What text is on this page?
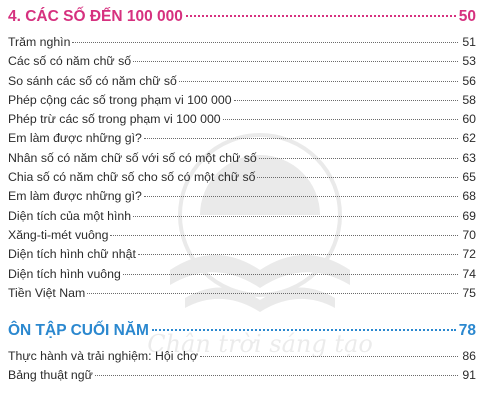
Chân trời sáng tạo
4. CÁC SỐ ĐẾN 100 000	50
Trăm nghìn	51
Các số có năm chữ số	53
So sánh các số có năm chữ số	56
Phép cộng các số trong phạm vi 100 000	58
Phép trừ các số trong phạm vi 100 000	60
Em làm được những gì?	62
Nhân số có năm chữ số với số có một chữ số	63
Chia số có năm chữ số cho số có một chữ số	65
Em làm được những gì?	68
Diện tích của một hình	69
Xăng-ti-mét vuông	70
Diện tích hình chữ nhật	72
Diện tích hình vuông	74
Tiền Việt Nam	75
ÔN TẬP CUỐI NĂM	78
Thực hành và trải nghiệm: Hội chợ	86
Bảng thuật ngữ	91
